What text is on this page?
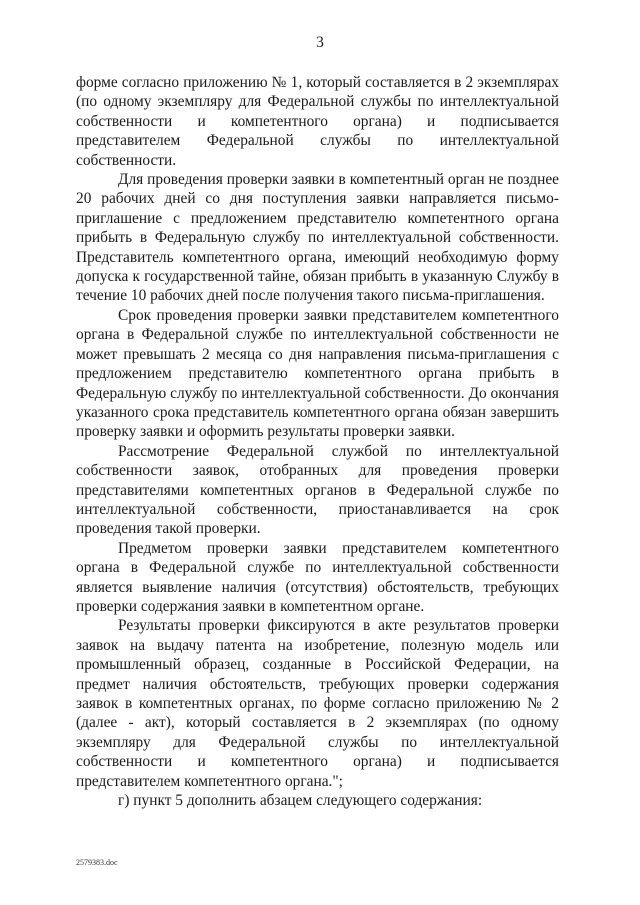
3

форме согласно приложению № 1, который составляется в 2 экземплярах (по одному экземпляру для Федеральной службы по интеллектуальной собственности и компетентного органа) и подписывается представителем Федеральной службы по интеллектуальной собственности.

Для проведения проверки заявки в компетентный орган не позднее 20 рабочих дней со дня поступления заявки направляется письмо-приглашение с предложением представителю компетентного органа прибыть в Федеральную службу по интеллектуальной собственности. Представитель компетентного органа, имеющий необходимую форму допуска к государственной тайне, обязан прибыть в указанную Службу в течение 10 рабочих дней после получения такого письма-приглашения.

Срок проведения проверки заявки представителем компетентного органа в Федеральной службе по интеллектуальной собственности не может превышать 2 месяца со дня направления письма-приглашения с предложением представителю компетентного органа прибыть в Федеральную службу по интеллектуальной собственности. До окончания указанного срока представитель компетентного органа обязан завершить проверку заявки и оформить результаты проверки заявки.

Рассмотрение Федеральной службой по интеллектуальной собственности заявок, отобранных для проведения проверки представителями компетентных органов в Федеральной службе по интеллектуальной собственности, приостанавливается на срок проведения такой проверки.

Предметом проверки заявки представителем компетентного органа в Федеральной службе по интеллектуальной собственности является выявление наличия (отсутствия) обстоятельств, требующих проверки содержания заявки в компетентном органе.

Результаты проверки фиксируются в акте результатов проверки заявок на выдачу патента на изобретение, полезную модель или промышленный образец, созданные в Российской Федерации, на предмет наличия обстоятельств, требующих проверки содержания заявок в компетентных органах, по форме согласно приложению № 2 (далее - акт), который составляется в 2 экземплярах (по одному экземпляру для Федеральной службы по интеллектуальной собственности и компетентного органа) и подписывается представителем компетентного органа.";

г) пункт 5 дополнить абзацем следующего содержания:

2579383.doc
